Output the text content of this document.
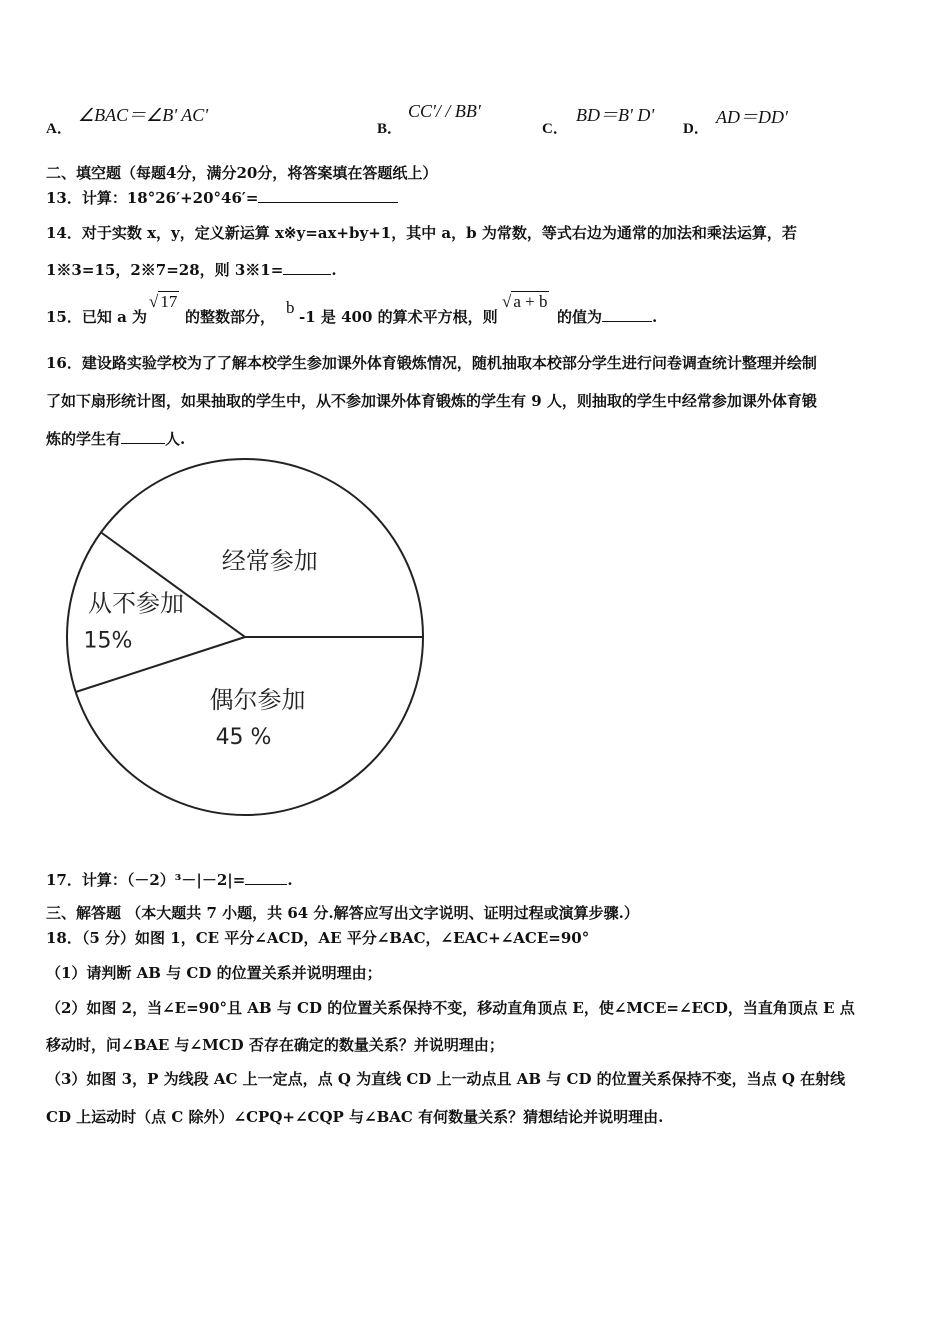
A．
∠BAC＝∠B' AC'
B．
CC'/ / BB'
C．
BD＝B' D'
D．
AD＝DD'
二、填空题（每题4分，满分20分，将答案填在答题纸上）
13．计算：18°26′+20°46′=
14．对于实数 x，y，定义新运算 x※y=ax+by+1，其中 a，b 为常数，等式右边为通常的加法和乘法运算，若
1※3=15，2※7=28，则 3※1=	.
15．已知 a 为
√ 17
的整数部分， b -1 是 400 的算术平方根，则
√ a + b
的值为	.
16．建设路实验学校为了了解本校学生参加课外体育锻炼情况，随机抽取本校部分学生进行问卷调查统计整理并绘制
了如下扇形统计图，如果抽取的学生中，从不参加课外体育锻炼的学生有 9 人，则抽取的学生中经常参加课外体育锻
炼的学生有	人.
经常参加
从不参加
15%
偶尔参加
45 %
17．计算：（－2）³－|－2|=	.
三、解答题 （本大题共 7 小题，共 64 分.解答应写出文字说明、证明过程或演算步骤.）
18．（5 分）如图 1，CE 平分∠ACD，AE 平分∠BAC，∠EAC+∠ACE=90°
（1）请判断 AB 与 CD 的位置关系并说明理由；
（2）如图 2，当∠E=90°且 AB 与 CD 的位置关系保持不变，移动直角顶点 E，使∠MCE=∠ECD，当直角顶点 E 点
移动时，问∠BAE 与∠MCD 否存在确定的数量关系？并说明理由；
（3）如图 3，P 为线段 AC 上一定点，点 Q 为直线 CD 上一动点且 AB 与 CD 的位置关系保持不变，当点 Q 在射线
CD 上运动时（点 C 除外）∠CPQ+∠CQP 与∠BAC 有何数量关系？猜想结论并说明理由.
